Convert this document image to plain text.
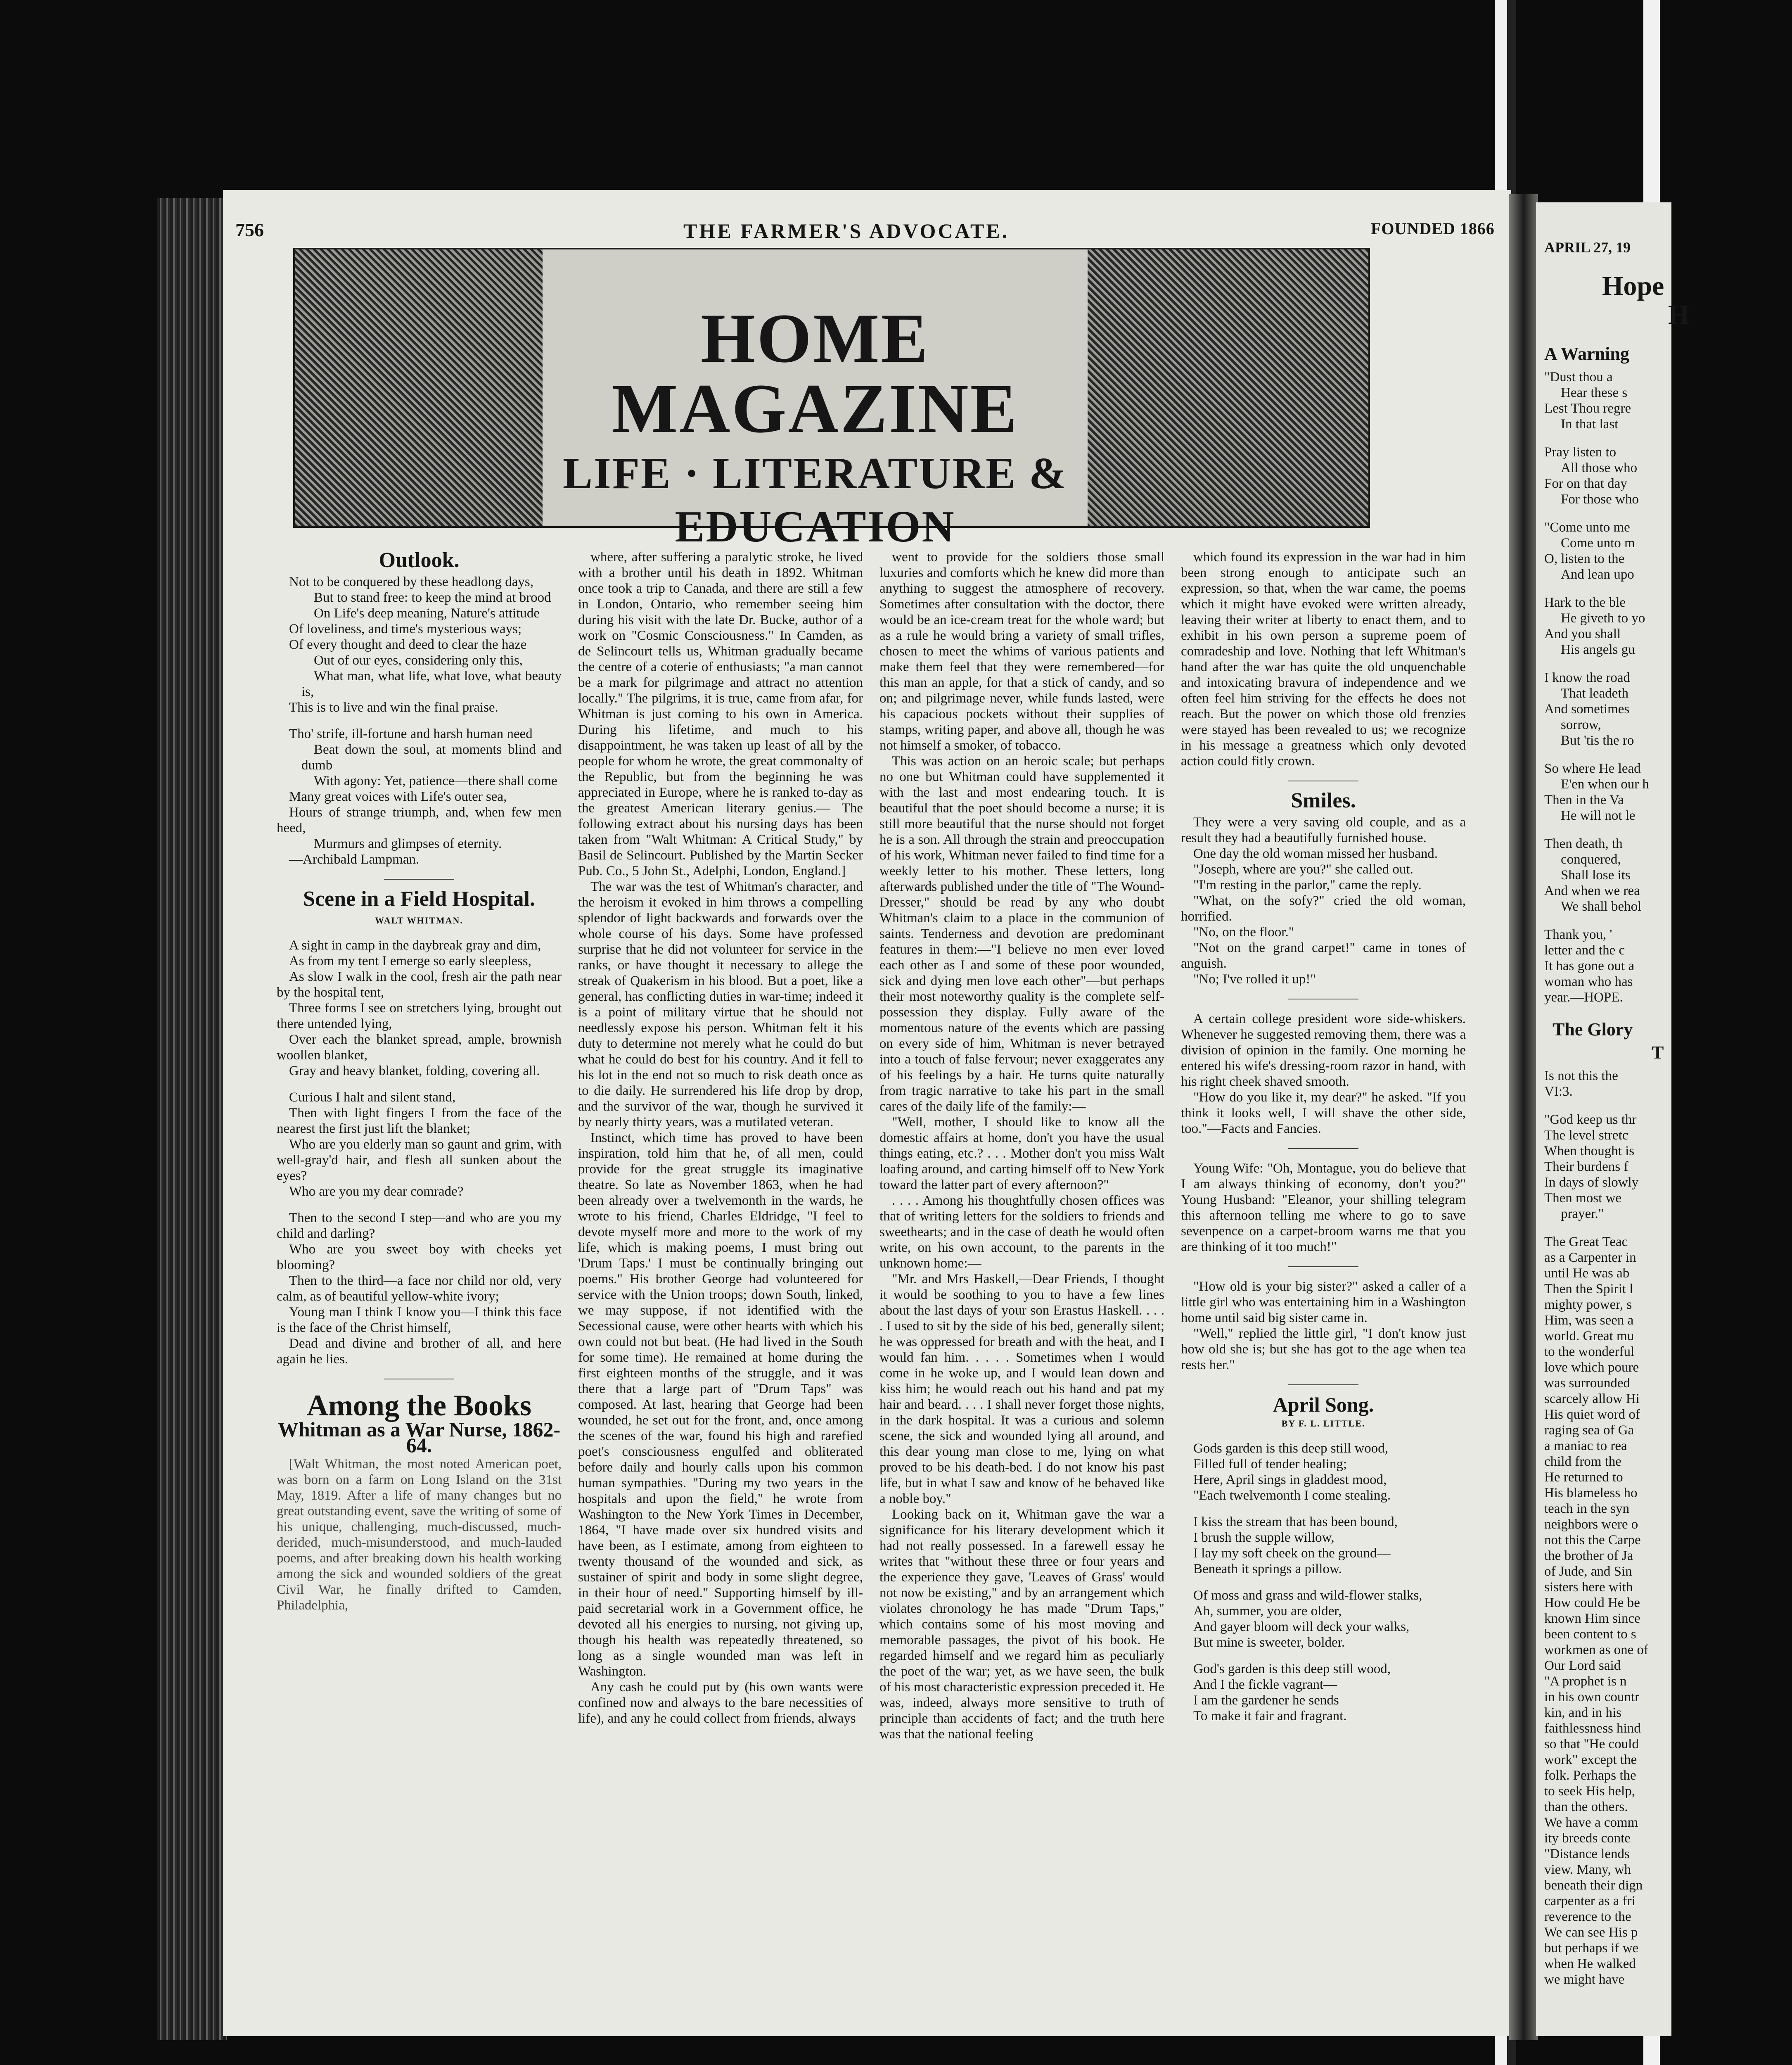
756	THE FARMER'S ADVOCATE.	FOUNDED 1866
HOME MAGAZINE
LIFE · LITERATURE &
EDUCATION
Outlook.

Not to be conquered by these headlong days,

But to stand free: to keep the mind at brood

On Life's deep meaning, Nature's attitude

Of loveliness, and time's mysterious ways;

Of every thought and deed to clear the haze

Out of our eyes, considering only this,

What man, what life, what love, what beauty is,

This is to live and win the final praise.

Tho' strife, ill-fortune and harsh human need

Beat down the soul, at moments blind and dumb

With agony: Yet, patience—there shall come

Many great voices with Life's outer sea,

Hours of strange triumph, and, when few men heed,

Murmurs and glimpses of eternity.

—Archibald Lampman.

Scene in a Field Hospital.
WALT WHITMAN.

A sight in camp in the daybreak gray and dim,

As from my tent I emerge so early sleepless,

As slow I walk in the cool, fresh air the path near by the hospital tent,

Three forms I see on stretchers lying, brought out there untended lying,

Over each the blanket spread, ample, brownish woollen blanket,

Gray and heavy blanket, folding, covering all.

Curious I halt and silent stand,

Then with light fingers I from the face of the nearest the first just lift the blanket;

Who are you elderly man so gaunt and grim, with well-gray'd hair, and flesh all sunken about the eyes?

Who are you my dear comrade?

Then to the second I step—and who are you my child and darling?

Who are you sweet boy with cheeks yet blooming?

Then to the third—a face nor child nor old, very calm, as of beautiful yellow-white ivory;

Young man I think I know you—I think this face is the face of the Christ himself,

Dead and divine and brother of all, and here again he lies.

Among the Books
Whitman as a War Nurse, 1862-64.

[Walt Whitman, the most noted American poet, was born on a farm on Long Island on the 31st May, 1819. After a life of many changes but no great outstanding event, save the writing of some of his unique, challenging, much-discussed, much-derided, much-misunderstood, and much-lauded poems, and after breaking down his health working among the sick and wounded soldiers of the great Civil War, he finally drifted to Camden, Philadelphia,

where, after suffering a paralytic stroke, he lived with a brother until his death in 1892. Whitman once took a trip to Canada, and there are still a few in London, Ontario, who remember seeing him during his visit with the late Dr. Bucke, author of a work on "Cosmic Consciousness." In Camden, as de Selincourt tells us, Whitman gradually became the centre of a coterie of enthusiasts; "a man cannot be a mark for pilgrimage and attract no attention locally." The pilgrims, it is true, came from afar, for Whitman is just coming to his own in America. During his lifetime, and much to his disappointment, he was taken up least of all by the people for whom he wrote, the great commonalty of the Republic, but from the beginning he was appreciated in Europe, where he is ranked to-day as the greatest American literary genius.— The following extract about his nursing days has been taken from "Walt Whitman: A Critical Study," by Basil de Selincourt. Published by the Martin Secker Pub. Co., 5 John St., Adelphi, London, England.]

The war was the test of Whitman's character, and the heroism it evoked in him throws a compelling splendor of light backwards and forwards over the whole course of his days. Some have professed surprise that he did not volunteer for service in the ranks, or have thought it necessary to allege the streak of Quakerism in his blood. But a poet, like a general, has conflicting duties in war-time; indeed it is a point of military virtue that he should not needlessly expose his person. Whitman felt it his duty to determine not merely what he could do but what he could do best for his country. And it fell to his lot in the end not so much to risk death once as to die daily. He surrendered his life drop by drop, and the survivor of the war, though he survived it by nearly thirty years, was a mutilated veteran.

Instinct, which time has proved to have been inspiration, told him that he, of all men, could provide for the great struggle its imaginative theatre. So late as November 1863, when he had been already over a twelvemonth in the wards, he wrote to his friend, Charles Eldridge, "I feel to devote myself more and more to the work of my life, which is making poems, I must bring out 'Drum Taps.' I must be continually bringing out poems." His brother George had volunteered for service with the Union troops; down South, linked, we may suppose, if not identified with the Secessional cause, were other hearts with which his own could not but beat. (He had lived in the South for some time). He remained at home during the first eighteen months of the struggle, and it was there that a large part of "Drum Taps" was composed. At last, hearing that George had been wounded, he set out for the front, and, once among the scenes of the war, found his high and rarefied poet's consciousness engulfed and obliterated before daily and hourly calls upon his common human sympathies. "During my two years in the hospitals and upon the field," he wrote from Washington to the New York Times in December, 1864, "I have made over six hundred visits and have been, as I estimate, among from eighteen to twenty thousand of the wounded and sick, as sustainer of spirit and body in some slight degree, in their hour of need." Supporting himself by ill-paid secretarial work in a Government office, he devoted all his energies to nursing, not giving up, though his health was repeatedly threatened, so long as a single wounded man was left in Washington.

Any cash he could put by (his own wants were confined now and always to the bare necessities of life), and any he could collect from friends, always

went to provide for the soldiers those small luxuries and comforts which he knew did more than anything to suggest the atmosphere of recovery. Sometimes after consultation with the doctor, there would be an ice-cream treat for the whole ward; but as a rule he would bring a variety of small trifles, chosen to meet the whims of various patients and make them feel that they were remembered—for this man an apple, for that a stick of candy, and so on; and pilgrimage never, while funds lasted, were his capacious pockets without their supplies of stamps, writing paper, and above all, though he was not himself a smoker, of tobacco.

This was action on an heroic scale; but perhaps no one but Whitman could have supplemented it with the last and most endearing touch. It is beautiful that the poet should become a nurse; it is still more beautiful that the nurse should not forget he is a son. All through the strain and preoccupation of his work, Whitman never failed to find time for a weekly letter to his mother. These letters, long afterwards published under the title of "The Wound-Dresser," should be read by any who doubt Whitman's claim to a place in the communion of saints. Tenderness and devotion are predominant features in them:—"I believe no men ever loved each other as I and some of these poor wounded, sick and dying men love each other"—but perhaps their most noteworthy quality is the complete self-possession they display. Fully aware of the momentous nature of the events which are passing on every side of him, Whitman is never betrayed into a touch of false fervour; never exaggerates any of his feelings by a hair. He turns quite naturally from tragic narrative to take his part in the small cares of the daily life of the family:—

"Well, mother, I should like to know all the domestic affairs at home, don't you have the usual things eating, etc.? . . . Mother don't you miss Walt loafing around, and carting himself off to New York toward the latter part of every afternoon?"

. . . . Among his thoughtfully chosen offices was that of writing letters for the soldiers to friends and sweethearts; and in the case of death he would often write, on his own account, to the parents in the unknown home:—

"Mr. and Mrs Haskell,—Dear Friends, I thought it would be soothing to you to have a few lines about the last days of your son Erastus Haskell. . . . . I used to sit by the side of his bed, generally silent; he was oppressed for breath and with the heat, and I would fan him. . . . . Sometimes when I would come in he woke up, and I would lean down and kiss him; he would reach out his hand and pat my hair and beard. . . . I shall never forget those nights, in the dark hospital. It was a curious and solemn scene, the sick and wounded lying all around, and this dear young man close to me, lying on what proved to be his death-bed. I do not know his past life, but in what I saw and know of he behaved like a noble boy."

Looking back on it, Whitman gave the war a significance for his literary development which it had not really possessed. In a farewell essay he writes that "without these three or four years and the experience they gave, 'Leaves of Grass' would not now be existing," and by an arrangement which violates chronology he has made "Drum Taps," which contains some of his most moving and memorable passages, the pivot of his book. He regarded himself and we regard him as peculiarly the poet of the war; yet, as we have seen, the bulk of his most characteristic expression preceded it. He was, indeed, always more sensitive to truth of principle than accidents of fact; and the truth here was that the national feeling

which found its expression in the war had in him been strong enough to anticipate such an expression, so that, when the war came, the poems which it might have evoked were written already, leaving their writer at liberty to enact them, and to exhibit in his own person a supreme poem of comradeship and love. Nothing that left Whitman's hand after the war has quite the old unquenchable and intoxicating bravura of independence and we often feel him striving for the effects he does not reach. But the power on which those old frenzies were stayed has been revealed to us; we recognize in his message a greatness which only devoted action could fitly crown.

Smiles.

They were a very saving old couple, and as a result they had a beautifully furnished house.

One day the old woman missed her husband.

"Joseph, where are you?" she called out.

"I'm resting in the parlor," came the reply.

"What, on the sofy?" cried the old woman, horrified.

"No, on the floor."

"Not on the grand carpet!" came in tones of anguish.

"No; I've rolled it up!"

A certain college president wore side-whiskers. Whenever he suggested removing them, there was a division of opinion in the family. One morning he entered his wife's dressing-room razor in hand, with his right cheek shaved smooth.

"How do you like it, my dear?" he asked. "If you think it looks well, I will shave the other side, too."—Facts and Fancies.

Young Wife: "Oh, Montague, you do believe that I am always thinking of economy, don't you?" Young Husband: "Eleanor, your shilling telegram this afternoon telling me where to go to save sevenpence on a carpet-broom warns me that you are thinking of it too much!"

"How old is your big sister?" asked a caller of a little girl who was entertaining him in a Washington home until said big sister came in.

"Well," replied the little girl, "I don't know just how old she is; but she has got to the age when tea rests her."

April Song.
BY F. L. LITTLE.

Gods garden is this deep still wood,

Filled full of tender healing;

Here, April sings in gladdest mood,

"Each twelvemonth I come stealing.

I kiss the stream that has been bound,

I brush the supple willow,

I lay my soft cheek on the ground—

Beneath it springs a pillow.

Of moss and grass and wild-flower stalks,

Ah, summer, you are older,

And gayer bloom will deck your walks,

But mine is sweeter, bolder.

God's garden is this deep still wood,

And I the fickle vagrant—

I am the gardener he sends

To make it fair and fragrant.

APRIL 27, 19
Hope
H
A Warning

"Dust thou a

Hear these s

Lest Thou regre

In that last

Pray listen to

All those who

For on that day

For those who

"Come unto me

Come unto m

O, listen to the

And lean upo

Hark to the ble

He giveth to yo

And you shall

His angels gu

I know the road

That leadeth

And sometimes

sorrow,

But 'tis the ro

So where He lead

E'en when our h

Then in the Va

He will not le

Then death, th

conquered,

Shall lose its

And when we rea

We shall behol

Thank you, '

letter and the c

It has gone out a

woman who has

year.—HOPE.

The Glory
T

Is not this the

VI:3.

"God keep us thr

The level stretc

When thought is

Their burdens f

In days of slowly

Then most we

prayer."

The Great Teac

as a Carpenter in

until He was ab

Then the Spirit l

mighty power, s

Him, was seen a

world. Great mu

to the wonderful

love which poure

was surrounded

scarcely allow Hi

His quiet word of

raging sea of Ga

a maniac to rea

child from the

He returned to

His blameless ho

teach in the syn

neighbors were o

not this the Carpe

the brother of Ja

of Jude, and Sin

sisters here with

How could He be

known Him since

been content to s

workmen as one of

Our Lord said

"A prophet is n

in his own countr

kin, and in his

faithlessness hind

so that "He could

work" except the

folk. Perhaps the

to seek His help,

than the others.

We have a comm

ity breeds conte

"Distance lends

view. Many, wh

beneath their dign

carpenter as a fri

reverence to the

We can see His p

but perhaps if we

when He walked

we might have
